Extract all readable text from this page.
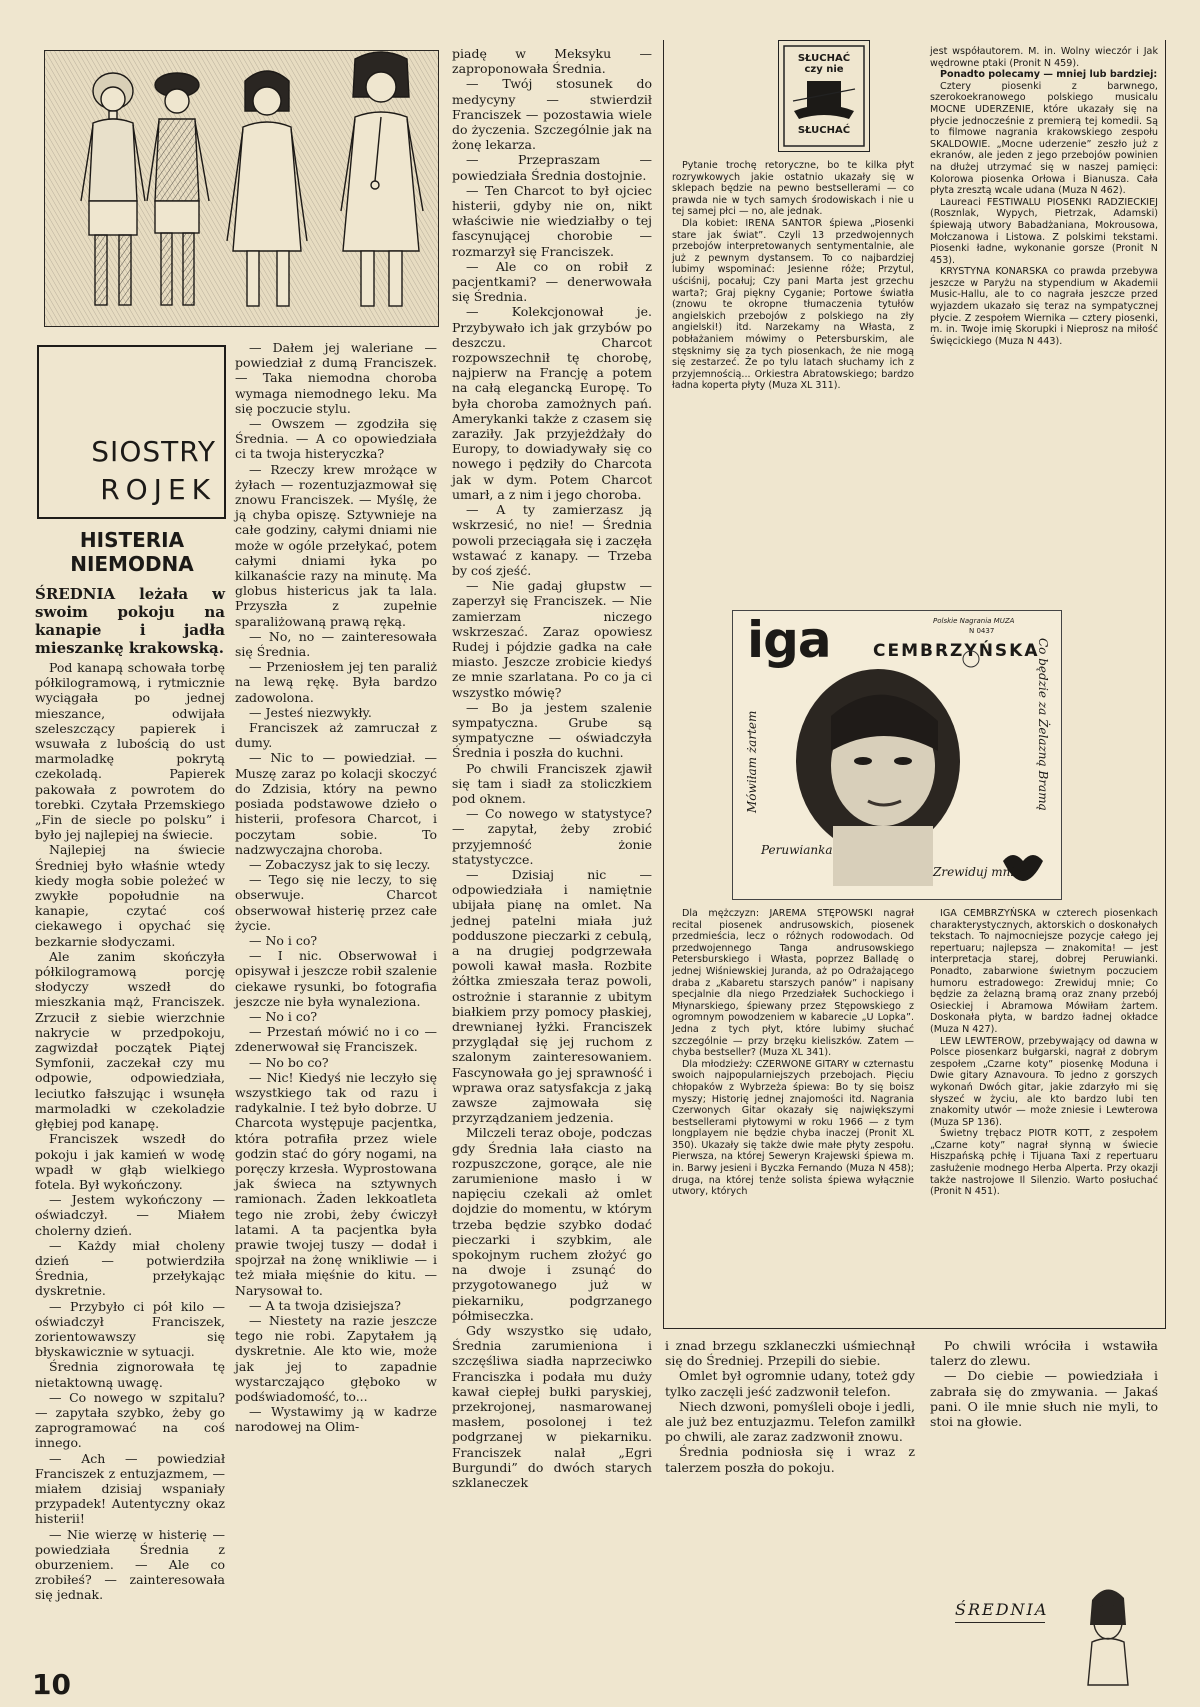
SIOSTRY
ROJEK
HISTERIA NIEMODNA
ŚREDNIA leżała w swoim pokoju na kanapie i jadła mieszankę krakowską.

Pod kanapą schowała torbę półkilogramową, i rytmicznie wyciągała po jednej mieszance, odwijała szeleszczący papierek i wsuwała z lubością do ust marmoladkę pokrytą czekoladą. Papierek pakowała z powrotem do torebki. Czytała Przemskiego „Fin de siecle po polsku” i było jej najlepiej na świecie.

Najlepiej na świecie Średniej było właśnie wtedy kiedy mogła sobie poleżeć w zwykłe popołudnie na kanapie, czytać coś ciekawego i opychać się bezkarnie słodyczami.

Ale zanim skończyła półkilogramową porcję słodyczy wszedł do mieszkania mąż, Franciszek. Zrzucił z siebie wierzchnie nakrycie w przedpokoju, zagwizdał początek Piątej Symfonii, zaczekał czy mu odpowie, odpowiedziała, leciutko fałszując i wsunęła marmoladki w czekoladzie głębiej pod kanapę.

Franciszek wszedł do pokoju i jak kamień w wodę wpadł w głąb wielkiego fotela. Był wykończony.

— Jestem wykończony — oświadczył. — Miałem cholerny dzień.

— Każdy miał choleny dzień — potwierdziła Średnia, przełykając dyskretnie.

— Przybyło ci pół kilo — oświadczył Franciszek, zorientowawszy się błyskawicznie w sytuacji.

Średnia zignorowała tę nietaktowną uwagę.

— Co nowego w szpitalu? — zapytała szybko, żeby go zaprogramować na coś innego.

— Ach — powiedział Franciszek z entuzjazmem, — miałem dzisiaj wspaniały przypadek! Autentyczny okaz histerii!

— Nie wierzę w histerię — powiedziała Średnia z oburzeniem. — Ale co zrobiłeś? — zainteresowała się jednak.

— Dałem jej waleriane — powiedział z dumą Franciszek. — Taka niemodna choroba wymaga niemodnego leku. Ma się poczucie stylu.

— Owszem — zgodziła się Średnia. — A co opowiedziała ci ta twoja histeryczka?

— Rzeczy krew mrożące w żyłach — rozentuzjazmował się znowu Franciszek. — Myślę, że ją chyba opiszę. Sztywnieje na całe godziny, całymi dniami nie może w ogóle przełykać, potem całymi dniami łyka po kilkanaście razy na minutę. Ma globus histericus jak ta lala. Przyszła z zupełnie sparaliżowaną prawą ręką.

— No, no — zainteresowała się Średnia.

— Przeniosłem jej ten paraliż na lewą rękę. Była bardzo zadowolona.

— Jesteś niezwykły.

Franciszek aż zamruczał z dumy.

— Nic to — powiedział. — Muszę zaraz po kolacji skoczyć do Zdzisia, który na pewno posiada podstawowe dzieło o histerii, profesora Charcot, i poczytam sobie. To nadzwyczajna choroba.

— Zobaczysz jak to się leczy.

— Tego się nie leczy, to się obserwuje. Charcot obserwował histerię przez całe życie.

— No i co?

— I nic. Obserwował i opisywał i jeszcze robił szalenie ciekawe rysunki, bo fotografia jeszcze nie była wynaleziona.

— No i co?

— Przestań mówić no i co — zdenerwował się Franciszek.

— No bo co?

— Nic! Kiedyś nie leczyło się wszystkiego tak od razu i radykalnie. I też było dobrze. U Charcota występuje pacjentka, która potrafiła przez wiele godzin stać do góry nogami, na poręczy krzesła. Wyprostowana jak świeca na sztywnych ramionach. Żaden lekkoatleta tego nie zrobi, żeby ćwiczył latami. A ta pacjentka była prawie twojej tuszy — dodał i spojrzał na żonę wnikliwie — i też miała mięśnie do kitu. — Narysował to.

— A ta twoja dzisiejsza?

— Niestety na razie jeszcze tego nie robi. Zapytałem ją dyskretnie. Ale kto wie, może jak jej to zapadnie wystarczająco głęboko w podświadomość, to...

— Wystawimy ją w kadrze narodowej na Olim-

piadę w Meksyku — zaproponowała Średnia.

— Twój stosunek do medycyny — stwierdził Franciszek — pozostawia wiele do życzenia. Szczególnie jak na żonę lekarza.

— Przepraszam — powiedziała Średnia dostojnie.

— Ten Charcot to był ojciec histerii, gdyby nie on, nikt właściwie nie wiedziałby o tej fascynującej chorobie — rozmarzył się Franciszek.

— Ale co on robił z pacjentkami? — denerwowała się Średnia.

— Kolekcjonował je. Przybywało ich jak grzybów po deszczu. Charcot rozpowszechnił tę chorobę, najpierw na Francję a potem na całą elegancką Europę. To była choroba zamożnych pań. Amerykanki także z czasem się zaraziły. Jak przyjeżdżały do Europy, to dowiadywały się co nowego i pędziły do Charcota jak w dym. Potem Charcot umarł, a z nim i jego choroba.

— A ty zamierzasz ją wskrzesić, no nie! — Średnia powoli przeciągała się i zaczęła wstawać z kanapy. — Trzeba by coś zjeść.

— Nie gadaj głupstw — zaperzył się Franciszek. — Nie zamierzam niczego wskrzeszać. Zaraz opowiesz Rudej i pójdzie gadka na całe miasto. Jeszcze zrobicie kiedyś ze mnie szarlatana. Po co ja ci wszystko mówię?

— Bo ja jestem szalenie sympatyczna. Grube są sympatyczne — oświadczyła Średnia i poszła do kuchni.

Po chwili Franciszek zjawił się tam i siadł za stoliczkiem pod oknem.

— Co nowego w statystyce? — zapytał, żeby zrobić przyjemność żonie statystyczce.

— Dzisiaj nic — odpowiedziała i namiętnie ubijała pianę na omlet. Na jednej patelni miała już podduszone pieczarki z cebulą, a na drugiej podgrzewała powoli kawał masła. Rozbite żółtka zmieszała teraz powoli, ostrożnie i starannie z ubitym białkiem przy pomocy płaskiej, drewnianej łyżki. Franciszek przyglądał się jej ruchom z szalonym zainteresowaniem. Fascynowała go jej sprawność i wprawa oraz satysfakcja z jaką zawsze zajmowała się przyrządzaniem jedzenia.

Milczeli teraz oboje, podczas gdy Średnia lała ciasto na rozpuszczone, gorące, ale nie zarumienione masło i w napięciu czekali aż omlet dojdzie do momentu, w którym trzeba będzie szybko dodać pieczarki i szybkim, ale spokojnym ruchem złożyć go na dwoje i zsunąć do przygotowanego już w piekarniku, podgrzanego półmiseczka.

Gdy wszystko się udało, Średnia zarumieniona i szczęśliwa siadła naprzeciwko Franciszka i podała mu duży kawał ciepłej bułki paryskiej, przekrojonej, nasmarowanej masłem, posolonej i też podgrzanej w piekarniku. Franciszek nalał „Egri Burgundi” do dwóch starych szklaneczek

SŁUCHAĆ czy nie
SŁUCHAĆ

Pytanie trochę retoryczne, bo te kilka płyt rozrywkowych jakie ostatnio ukazały się w sklepach będzie na pewno bestsellerami — co prawda nie w tych samych środowiskach i nie u tej samej płci — no, ale jednak.

Dla kobiet: IRENA SANTOR śpiewa „Piosenki stare jak świat”. Czyli 13 przedwojennych przebojów interpretowanych sentymentalnie, ale już z pewnym dystansem. To co najbardziej lubimy wspominać: Jesienne róże; Przytul, uściśnij, pocałuj; Czy pani Marta jest grzechu warta?; Graj piękny Cyganie; Portowe światła (znowu te okropne tłumaczenia tytułów angielskich przebojów z polskiego na zły angielski!) itd. Narzekamy na Własta, z pobłażaniem mówimy o Petersburskim, ale stęsknimy się za tych piosenkach, że nie mogą się zestarzeć. Że po tylu latach słuchamy ich z przyjemnością... Orkiestra Abratowskiego; bardzo ładna koperta płyty (Muza XL 311).

jest współautorem. M. in. Wolny wieczór i Jak wędrowne ptaki (Pronit N 459).

Ponadto polecamy — mniej lub bardziej:

Cztery piosenki z barwnego, szerokoekranowego polskiego musicalu MOCNE UDERZENIE, które ukazały się na płycie jednocześnie z premierą tej komedii. Są to filmowe nagrania krakowskiego zespołu SKALDOWIE. „Mocne uderzenie” zeszło już z ekranów, ale jeden z jego przebojów powinien na dłużej utrzymać się w naszej pamięci: Kolorowa piosenka Orłowa i Bianusza. Cała płyta zresztą wcale udana (Muza N 462).

Laureaci FESTIWALU PIOSENKI RADZIECKIEJ (Rosznlak, Wypych, Pietrzak, Adamski) śpiewają utwory Babadżaniana, Mokrousowa, Mołczanowa i Listowa. Z polskimi tekstami. Piosenki ładne, wykonanie gorsze (Pronit N 453).

KRYSTYNA KONARSKA co prawda przebywa jeszcze w Paryżu na stypendium w Akademii Music-Hallu, ale to co nagrała jeszcze przed wyjazdem ukazało się teraz na sympatycznej płycie. Z zespołem Wiernika — cztery piosenki, m. in. Twoje imię Skorupki i Nieprosz na miłość Święcickiego (Muza N 443).

iga CEMBRZYŃSKA
Polskie Nagrania MUZA
N 0437
Mówiłam żartem	Co będzie za Żelazną Bramą
Peruwianka
Zrewiduj mnie

Dla mężczyzn: JAREMA STĘPOWSKI nagrał recital piosenek andrusowskich, piosenek przedmieścia, lecz o różnych rodowodach. Od przedwojennego Tanga andrusowskiego Petersburskiego i Własta, poprzez Balladę o jednej Wiśniewskiej Juranda, aż po Odrażającego draba z „Kabaretu starszych panów” i napisany specjalnie dla niego Przedziałek Suchockiego i Młynarskiego, śpiewany przez Stępowskiego z ogromnym powodzeniem w kabarecie „U Lopka”. Jedna z tych płyt, które lubimy słuchać szczególnie — przy brzęku kieliszków. Zatem — chyba bestseller? (Muza XL 341).

Dla młodzieży: CZERWONE GITARY w czternastu swoich najpopularniejszych przebojach. Pięciu chłopaków z Wybrzeża śpiewa: Bo ty się boisz myszy; Historię jednej znajomości itd. Nagrania Czerwonych Gitar okazały się największymi bestsellerami płytowymi w roku 1966 — z tym longplayem nie będzie chyba inaczej (Pronit XL 350). Ukazały się także dwie małe płyty zespołu. Pierwsza, na której Seweryn Krajewski śpiewa m. in. Barwy jesieni i Byczka Fernando (Muza N 458); druga, na której tenże solista śpiewa wyłącznie utwory, których

IGA CEMBRZYŃSKA w czterech piosenkach charakterystycznych, aktorskich o doskonałych tekstach. To najmocniejsze pozycje całego jej repertuaru; najlepsza — znakomita! — jest interpretacja starej, dobrej Peruwianki. Ponadto, zabarwione świetnym poczuciem humoru estradowego: Zrewiduj mnie; Co będzie za żelazną bramą oraz znany przebój Osieckiej i Abramowa Mówiłam żartem. Doskonała płyta, w bardzo ładnej okładce (Muza N 427).

LEW LEWTEROW, przebywający od dawna w Polsce piosenkarz bułgarski, nagrał z dobrym zespołem „Czarne koty” piosenkę Moduna i Dwie gitary Aznavoura. To jedno z gorszych wykonań Dwóch gitar, jakie zdarzyło mi się słyszeć w życiu, ale kto bardzo lubi ten znakomity utwór — może zniesie i Lewterowa (Muza SP 136).

Świetny trębacz PIOTR KOTT, z zespołem „Czarne koty” nagrał słynną w świecie Hiszpańską pchłę i Tijuana Taxi z repertuaru zasłużenie modnego Herba Alperta. Przy okazji także nastrojowe Il Silenzio. Warto posłuchać (Pronit N 451).

i znad brzegu szklaneczki uśmiechnął się do Średniej. Przepili do siebie.

Omlet był ogromnie udany, toteż gdy tylko zaczęli jeść zadzwonił telefon.

Niech dzwoni, pomyśleli oboje i jedli, ale już bez entuzjazmu. Telefon zamilkł po chwili, ale zaraz zadzwonił znowu.

Średnia podniosła się i wraz z talerzem poszła do pokoju.

Po chwili wróciła i wstawiła talerz do zlewu.

— Do ciebie — powiedziała i zabrała się do zmywania. — Jakaś pani. O ile mnie słuch nie myli, to stoi na głowie.

ŚREDNIA
10
